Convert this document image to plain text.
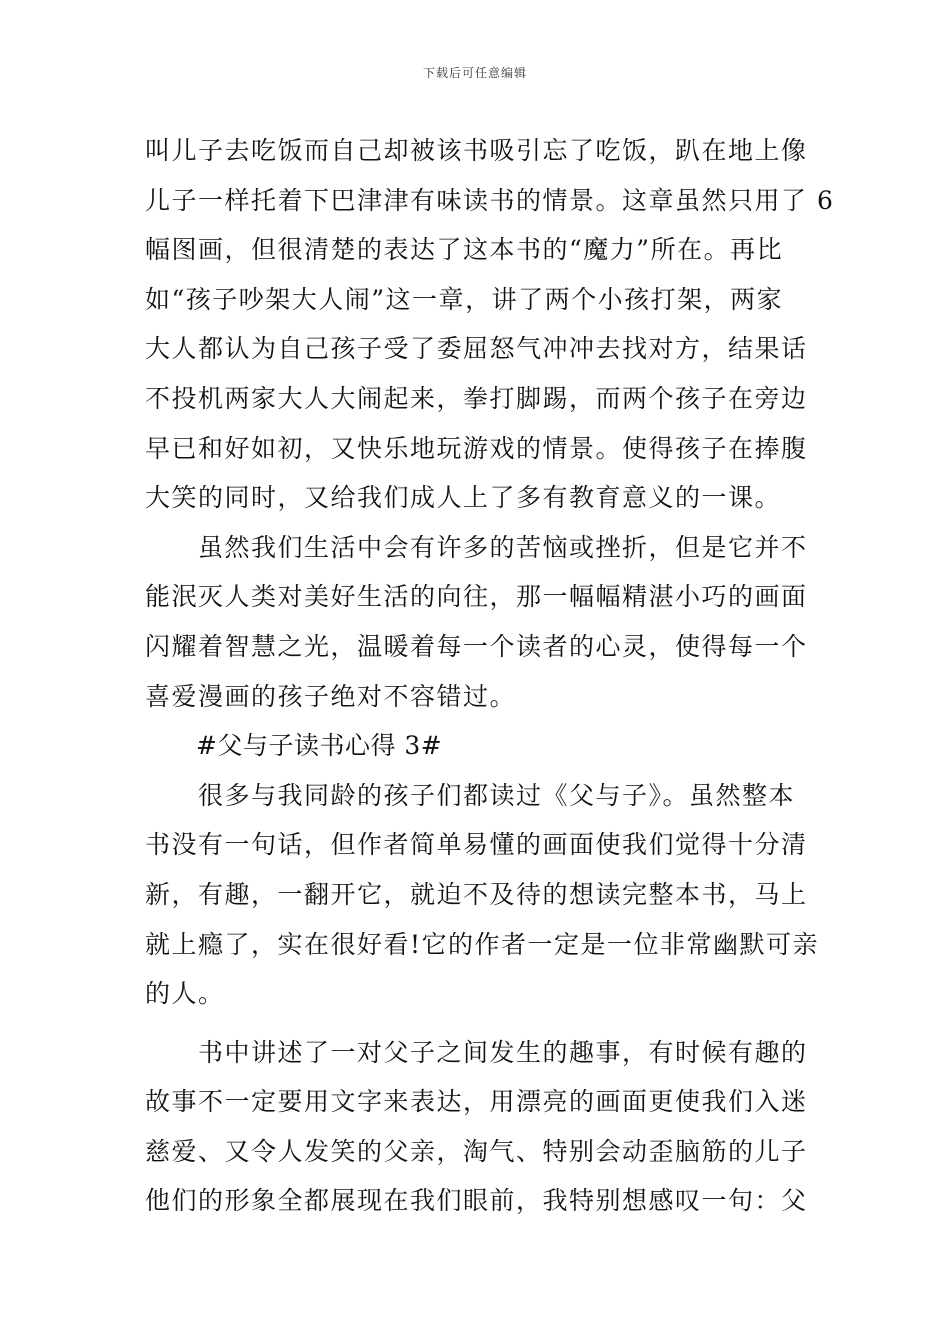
下载后可任意编辑
叫儿子去吃饭而自己却被该书吸引忘了吃饭，趴在地上像
儿子一样托着下巴津津有味读书的情景。这章虽然只用了 6
幅图画，但很清楚的表达了这本书的“魔力”所在。再比
如“孩子吵架大人闹”这一章，讲了两个小孩打架，两家
大人都认为自己孩子受了委屈怒气冲冲去找对方，结果话
不投机两家大人大闹起来，拳打脚踢，而两个孩子在旁边
早已和好如初，又快乐地玩游戏的情景。使得孩子在捧腹
大笑的同时，又给我们成人上了多有教育意义的一课。
　　虽然我们生活中会有许多的苦恼或挫折，但是它并不
能泯灭人类对美好生活的向往，那一幅幅精湛小巧的画面
闪耀着智慧之光，温暖着每一个读者的心灵，使得每一个
喜爱漫画的孩子绝对不容错过。
　　#父与子读书心得 3#
　　很多与我同龄的孩子们都读过《父与子》。虽然整本
书没有一句话，但作者简单易懂的画面使我们觉得十分清
新，有趣，一翻开它，就迫不及待的想读完整本书，马上
就上瘾了，实在很好看!它的作者一定是一位非常幽默可亲
的人。
　　书中讲述了一对父子之间发生的趣事，有时候有趣的
故事不一定要用文字来表达，用漂亮的画面更使我们入迷
慈爱、又令人发笑的父亲，淘气、特别会动歪脑筋的儿子
他们的形象全都展现在我们眼前，我特别想感叹一句：父
